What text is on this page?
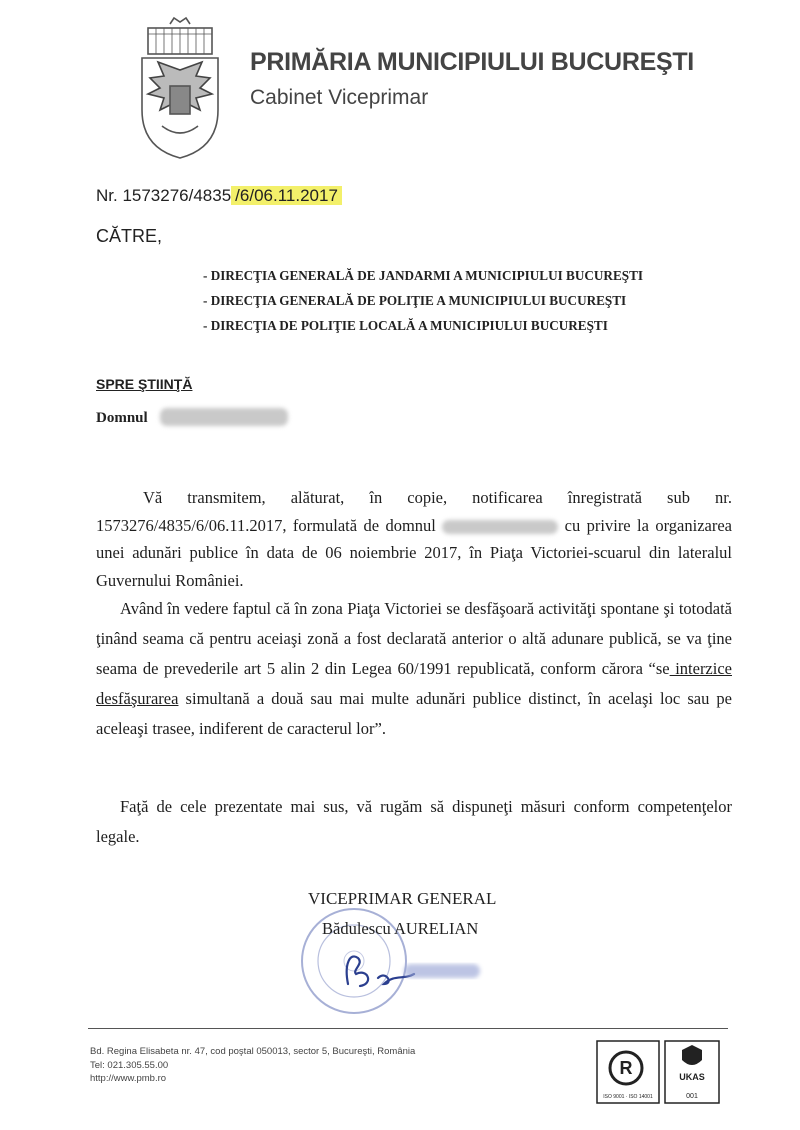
PRIMĂRIA MUNICIPIULUI BUCUREŞTI
Cabinet Viceprimar
Nr. 1573276/4835 /6/06.11.2017
CĂTRE,
- DIRECŢIA GENERALĂ DE JANDARMI A MUNICIPIULUI BUCUREŞTI
- DIRECŢIA GENERALĂ DE POLIŢIE A MUNICIPIULUI BUCUREŞTI
- DIRECŢIA DE POLIŢIE LOCALĂ A MUNICIPIULUI BUCUREŞTI
SPRE ŞTIINŢĂ
Domnul
Vă transmitem, alăturat, în copie, notificarea înregistrată sub nr. 1573276/4835/6/06.11.2017, formulată de domnul	cu privire la organizarea unei adunări publice în data de 06 noiembrie 2017, în Piaţa Victoriei-scuarul din lateralul Guvernului României.
Având în vedere faptul că în zona Piaţa Victoriei se desfăşoară activităţi spontane şi totodată ţinând seama că pentru aceiaşi zonă a fost declarată anterior o altă adunare publică, se va ţine seama de prevederile art 5 alin 2 din Legea 60/1991 republicată, conform cărora “se interzice desfăşurarea simultană a două sau mai multe adunări publice distinct, în acelaşi loc sau pe aceleaşi trasee, indiferent de caracterul lor”.
Faţă de cele prezentate mai sus, vă rugăm să dispuneţi măsuri conform competenţelor legale.
VICEPRIMAR GENERAL
Bădulescu AURELIAN
Bd. Regina Elisabeta nr. 47, cod poştal 050013, sector 5, Bucureşti, România
Tel: 021.305.55.00
http://www.pmb.ro
R
ISO 9001 · ISO 14001
UKAS
001
